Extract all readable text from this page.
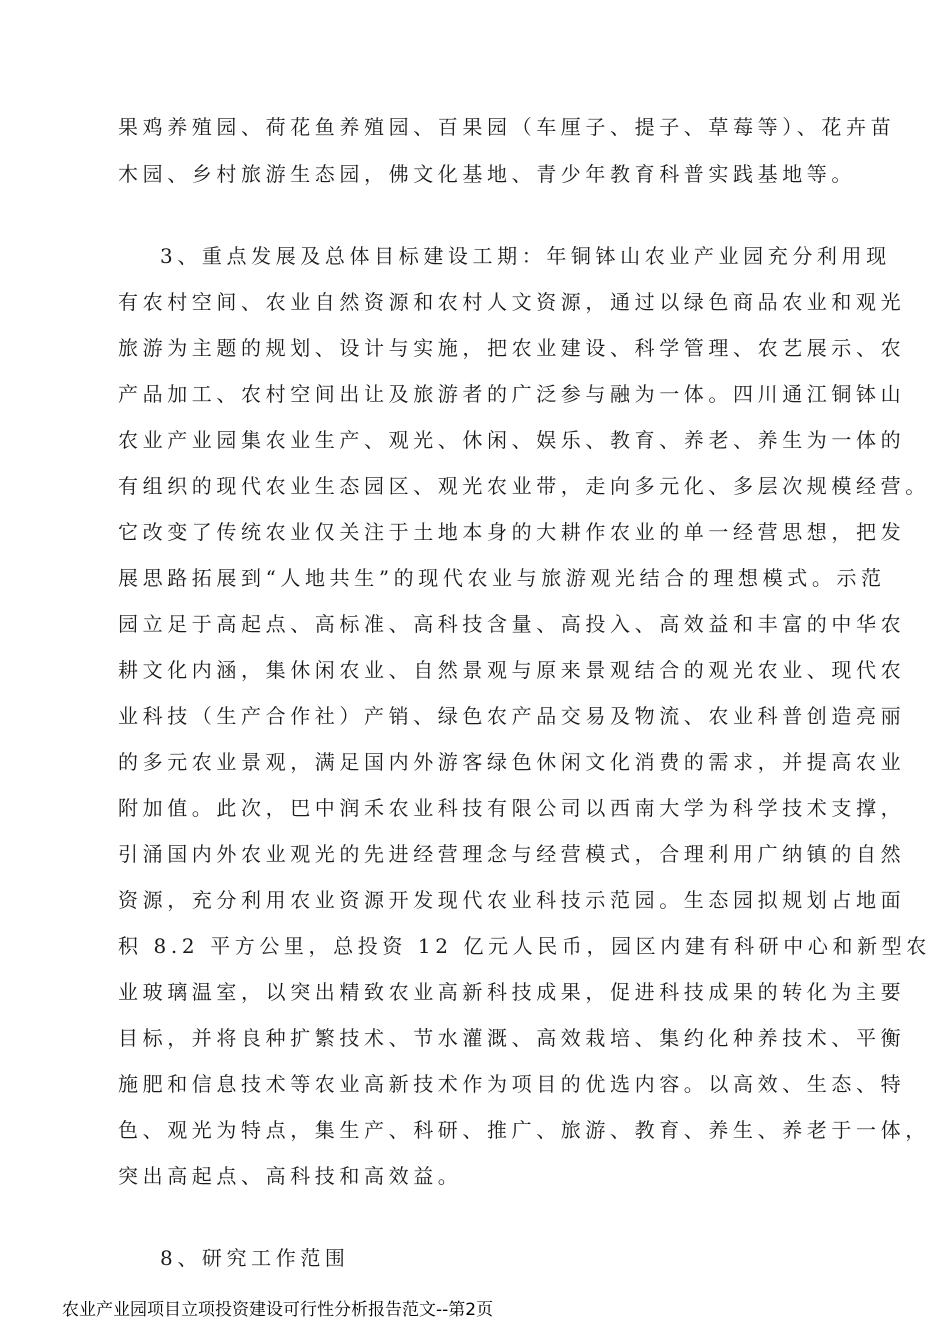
果鸡养殖园、荷花鱼养殖园、百果园（车厘子、提子、草莓等）、花卉苗
木园、乡村旅游生态园，佛文化基地、青少年教育科普实践基地等。
3、重点发展及总体目标建设工期：年铜钵山农业产业园充分利用现
有农村空间、农业自然资源和农村人文资源，通过以绿色商品农业和观光
旅游为主题的规划、设计与实施，把农业建设、科学管理、农艺展示、农
产品加工、农村空间出让及旅游者的广泛参与融为一体。四川通江铜钵山
农业产业园集农业生产、观光、休闲、娱乐、教育、养老、养生为一体的
有组织的现代农业生态园区、观光农业带，走向多元化、多层次规模经营。
它改变了传统农业仅关注于土地本身的大耕作农业的单一经营思想，把发
展思路拓展到“人地共生”的现代农业与旅游观光结合的理想模式。示范
园立足于高起点、高标准、高科技含量、高投入、高效益和丰富的中华农
耕文化内涵，集休闲农业、自然景观与原来景观结合的观光农业、现代农
业科技（生产合作社）产销、绿色农产品交易及物流、农业科普创造亮丽
的多元农业景观，满足国内外游客绿色休闲文化消费的需求，并提高农业
附加值。此次，巴中润禾农业科技有限公司以西南大学为科学技术支撑，
引涌国内外农业观光的先进经营理念与经营模式，合理利用广纳镇的自然
资源，充分利用农业资源开发现代农业科技示范园。生态园拟规划占地面
积 8.2 平方公里，总投资 12 亿元人民币，园区内建有科研中心和新型农
业玻璃温室，以突出精致农业高新科技成果，促进科技成果的转化为主要
目标，并将良种扩繁技术、节水灌溉、高效栽培、集约化种养技术、平衡
施肥和信息技术等农业高新技术作为项目的优选内容。以高效、生态、特
色、观光为特点，集生产、科研、推广、旅游、教育、养生、养老于一体，
突出高起点、高科技和高效益。
8、研究工作范围
农业产业园项目立项投资建设可行性分析报告范文--第2页
